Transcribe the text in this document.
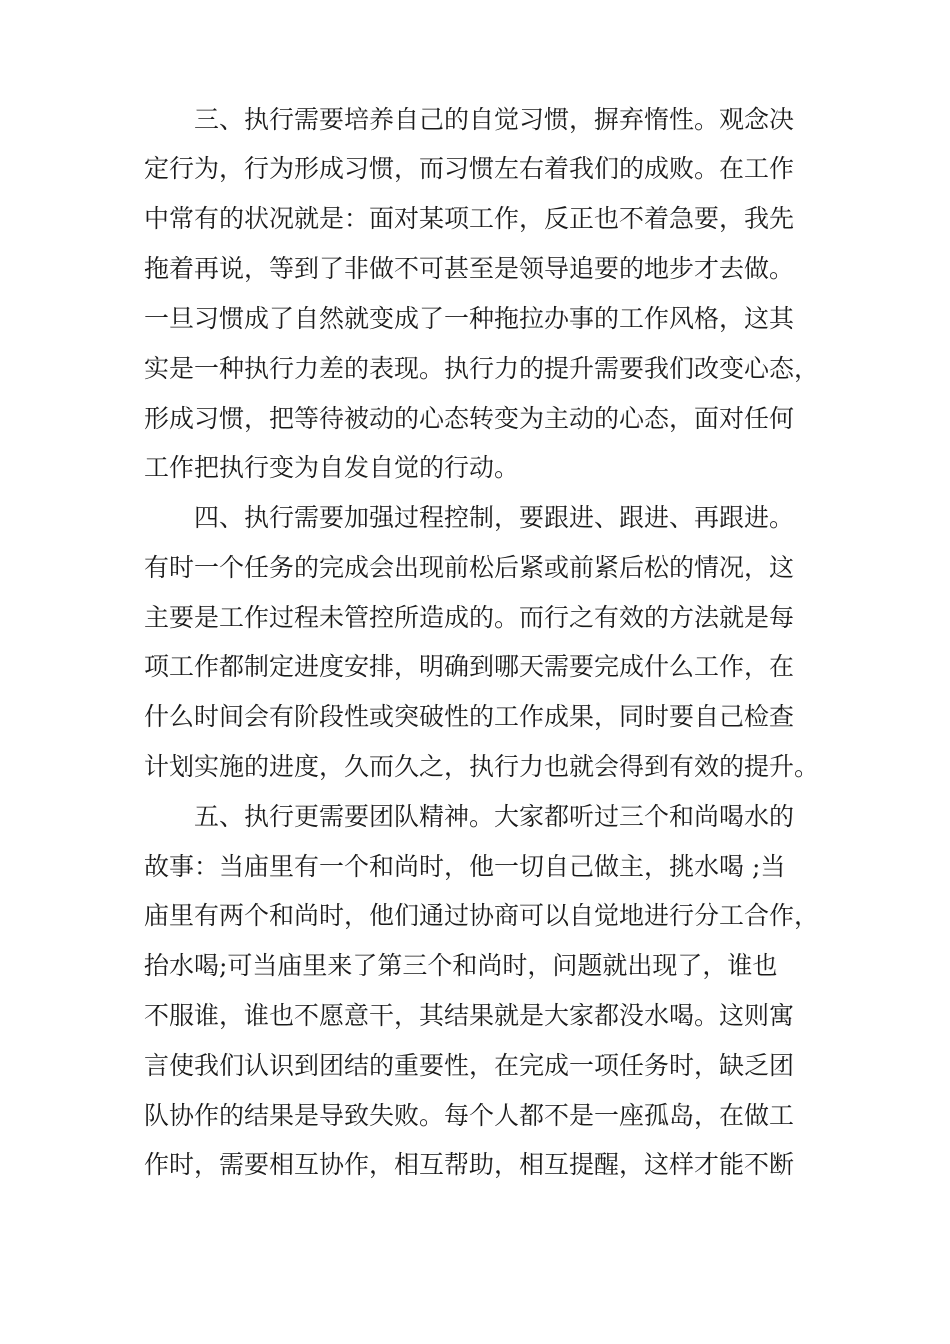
三、执行需要培养自己的自觉习惯，摒弃惰性。观念决
定行为，行为形成习惯，而习惯左右着我们的成败。在工作
中常有的状况就是：面对某项工作，反正也不着急要，我先
拖着再说，等到了非做不可甚至是领导追要的地步才去做。
一旦习惯成了自然就变成了一种拖拉办事的工作风格，这其
实是一种执行力差的表现。执行力的提升需要我们改变心态，
形成习惯，把等待被动的心态转变为主动的心态，面对任何
工作把执行变为自发自觉的行动。
四、执行需要加强过程控制，要跟进、跟进、再跟进。
有时一个任务的完成会出现前松后紧或前紧后松的情况，这
主要是工作过程未管控所造成的。而行之有效的方法就是每
项工作都制定进度安排，明确到哪天需要完成什么工作，在
什么时间会有阶段性或突破性的工作成果，同时要自己检查
计划实施的进度，久而久之，执行力也就会得到有效的提升。
五、执行更需要团队精神。大家都听过三个和尚喝水的
故事：当庙里有一个和尚时，他一切自己做主，挑水喝 ;当
庙里有两个和尚时，他们通过协商可以自觉地进行分工合作，
抬水喝;可当庙里来了第三个和尚时，问题就出现了，谁也
不服谁，谁也不愿意干，其结果就是大家都没水喝。这则寓
言使我们认识到团结的重要性，在完成一项任务时，缺乏团
队协作的结果是导致失败。每个人都不是一座孤岛，在做工
作时，需要相互协作，相互帮助，相互提醒，这样才能不断
